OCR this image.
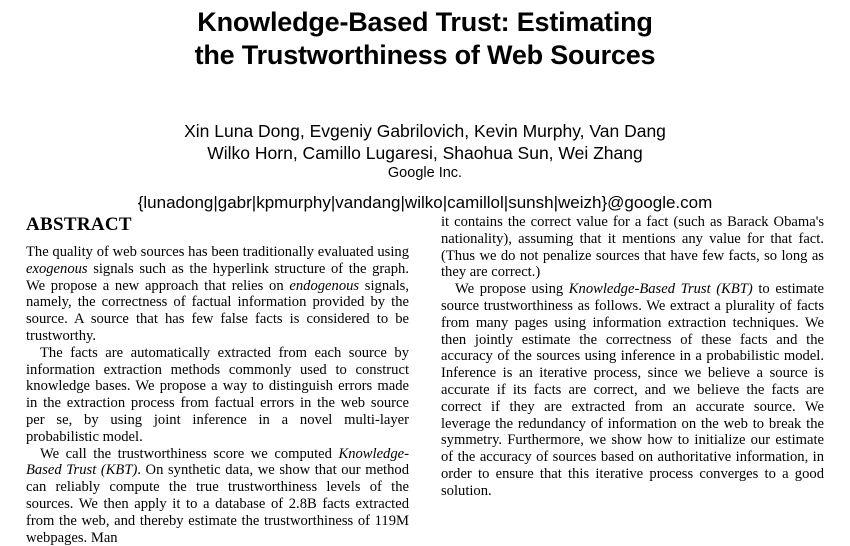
Knowledge-Based Trust: Estimating
the Trustworthiness of Web Sources
Xin Luna Dong, Evgeniy Gabrilovich, Kevin Murphy, Van Dang
Wilko Horn, Camillo Lugaresi, Shaohua Sun, Wei Zhang
Google Inc.
{lunadong|gabr|kpmurphy|vandang|wilko|camillol|sunsh|weizh}@google.com
ABSTRACT

The quality of web sources has been traditionally evaluated using exogenous signals such as the hyperlink structure of the graph. We propose a new approach that relies on endogenous signals, namely, the correctness of factual information provided by the source. A source that has few false facts is considered to be trustworthy.

The facts are automatically extracted from each source by information extraction methods commonly used to construct knowledge bases. We propose a way to distinguish errors made in the extraction process from factual errors in the web source per se, by using joint inference in a novel multi-layer probabilistic model.

We call the trustworthiness score we computed Knowledge-Based Trust (KBT). On synthetic data, we show that our method can reliably compute the true trustworthiness levels of the sources. We then apply it to a database of 2.8B facts extracted from the web, and thereby estimate the trustworthiness of 119M webpages. Man

it contains the correct value for a fact (such as Barack Obama's nationality), assuming that it mentions any value for that fact. (Thus we do not penalize sources that have few facts, so long as they are correct.)

We propose using Knowledge-Based Trust (KBT) to estimate source trustworthiness as follows. We extract a plurality of facts from many pages using information extraction techniques. We then jointly estimate the correctness of these facts and the accuracy of the sources using inference in a probabilistic model. Inference is an iterative process, since we believe a source is accurate if its facts are correct, and we believe the facts are correct if they are extracted from an accurate source. We leverage the redundancy of information on the web to break the symmetry. Furthermore, we show how to initialize our estimate of the accuracy of sources based on authoritative information, in order to ensure that this iterative process converges to a good solution.
